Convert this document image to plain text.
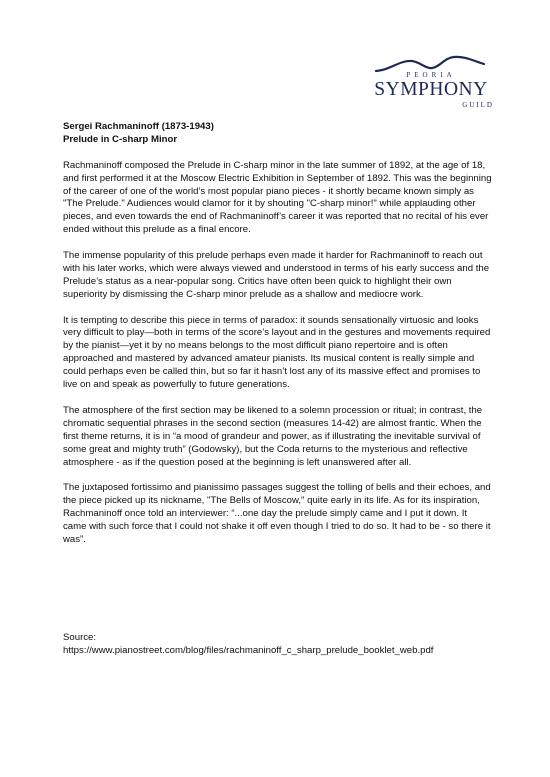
PEORIA
SYMPHONY
GUILD

Sergei Rachmaninoff (1873-1943)

Prelude in C-sharp Minor

Rachmaninoff composed the Prelude in C-sharp minor in the late summer of 1892, at the age of 18, and first performed it at the Moscow Electric Exhibition in September of 1892. This was the beginning of the career of one of the world’s most popular piano pieces - it shortly became known simply as "The Prelude." Audiences would clamor for it by shouting "C-sharp minor!" while applauding other pieces, and even towards the end of Rachmaninoff’s career it was reported that no recital of his ever ended without this prelude as a final encore.

The immense popularity of this prelude perhaps even made it harder for Rachmaninoff to reach out with his later works, which were always viewed and understood in terms of his early success and the Prelude’s status as a near-popular song. Critics have often been quick to highlight their own superiority by dismissing the C-sharp minor prelude as a shallow and mediocre work.

It is tempting to describe this piece in terms of paradox: it sounds sensationally virtuosic and looks very difficult to play—both in terms of the score’s layout and in the gestures and movements required by the pianist—yet it by no means belongs to the most difficult piano repertoire and is often approached and mastered by advanced amateur pianists. Its musical content is really simple and could perhaps even be called thin, but so far it hasn’t lost any of its massive effect and promises to live on and speak as powerfully to future generations.

The atmosphere of the first section may be likened to a solemn procession or ritual; in contrast, the chromatic sequential phrases in the second section (measures 14-42) are almost frantic. When the first theme returns, it is in “a mood of grandeur and power, as if illustrating the inevitable survival of some great and mighty truth” (Godowsky), but the Coda returns to the mysterious and reflective atmosphere - as if the question posed at the beginning is left unanswered after all.

The juxtaposed fortissimo and pianissimo passages suggest the tolling of bells and their echoes, and the piece picked up its nickname, "The Bells of Moscow," quite early in its life. As for its inspiration, Rachmaninoff once told an interviewer: “...one day the prelude simply came and I put it down. It came with such force that I could not shake it off even though I tried to do so. It had to be - so there it was”.

Source:

https://www.pianostreet.com/blog/files/rachmaninoff_c_sharp_prelude_booklet_web.pdf
